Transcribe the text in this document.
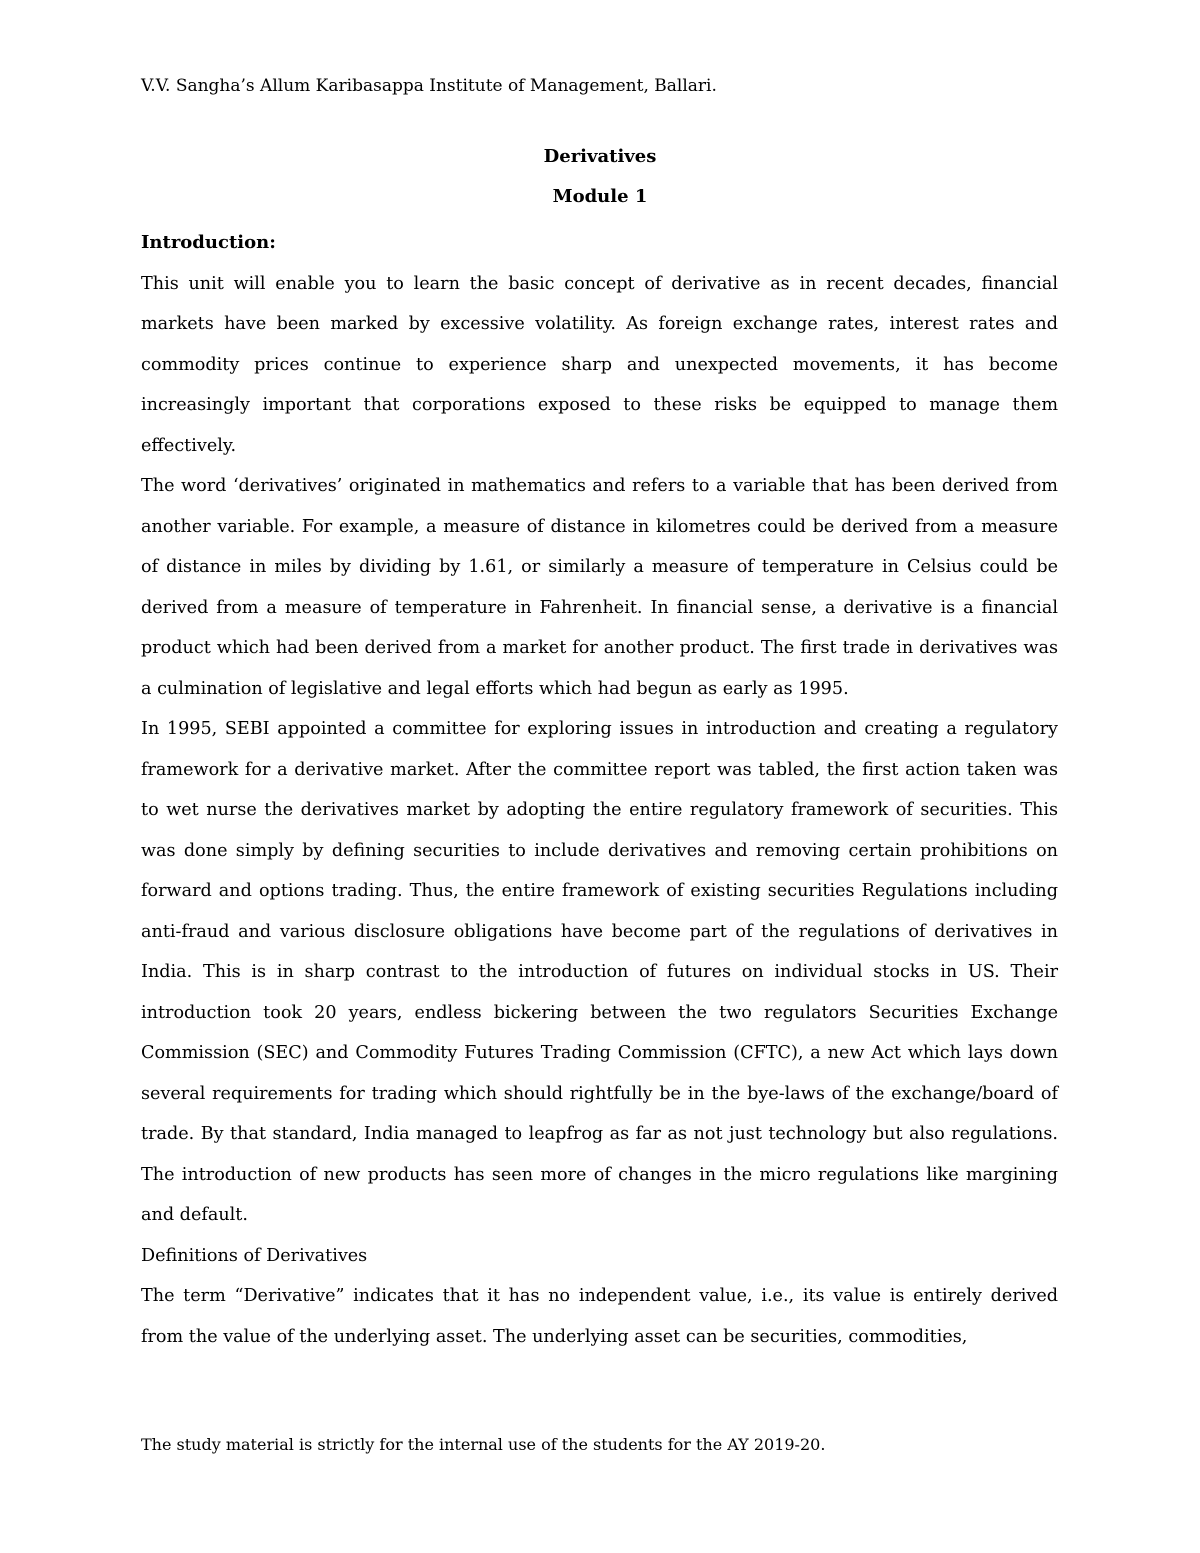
V.V. Sangha’s Allum Karibasappa Institute of Management, Ballari.
Derivatives
Module 1

Introduction:

This unit will enable you to learn the basic concept of derivative as in recent decades, financial markets have been marked by excessive volatility. As foreign exchange rates, interest rates and commodity prices continue to experience sharp and unexpected movements, it has become increasingly important that corporations exposed to these risks be equipped to manage them effectively.

The word ‘derivatives’ originated in mathematics and refers to a variable that has been derived from another variable. For example, a measure of distance in kilometres could be derived from a measure of distance in miles by dividing by 1.61, or similarly a measure of temperature in Celsius could be derived from a measure of temperature in Fahrenheit. In financial sense, a derivative is a financial product which had been derived from a market for another product. The first trade in derivatives was a culmination of legislative and legal efforts which had begun as early as 1995.

In 1995, SEBI appointed a committee for exploring issues in introduction and creating a regulatory framework for a derivative market. After the committee report was tabled, the first action taken was to wet nurse the derivatives market by adopting the entire regulatory framework of securities. This was done simply by defining securities to include derivatives and removing certain prohibitions on forward and options trading. Thus, the entire framework of existing securities Regulations including anti-fraud and various disclosure obligations have become part of the regulations of derivatives in India. This is in sharp contrast to the introduction of futures on individual stocks in US. Their introduction took 20 years, endless bickering between the two regulators Securities Exchange Commission (SEC) and Commodity Futures Trading Commission (CFTC), a new Act which lays down several requirements for trading which should rightfully be in the bye-laws of the exchange/board of trade. By that standard, India managed to leapfrog as far as not just technology but also regulations. The introduction of new products has seen more of changes in the micro regulations like margining and default.

Definitions of Derivatives

The term “Derivative” indicates that it has no independent value, i.e., its value is entirely derived from the value of the underlying asset. The underlying asset can be securities, commodities,

The study material is strictly for the internal use of the students for the AY 2019-20.
